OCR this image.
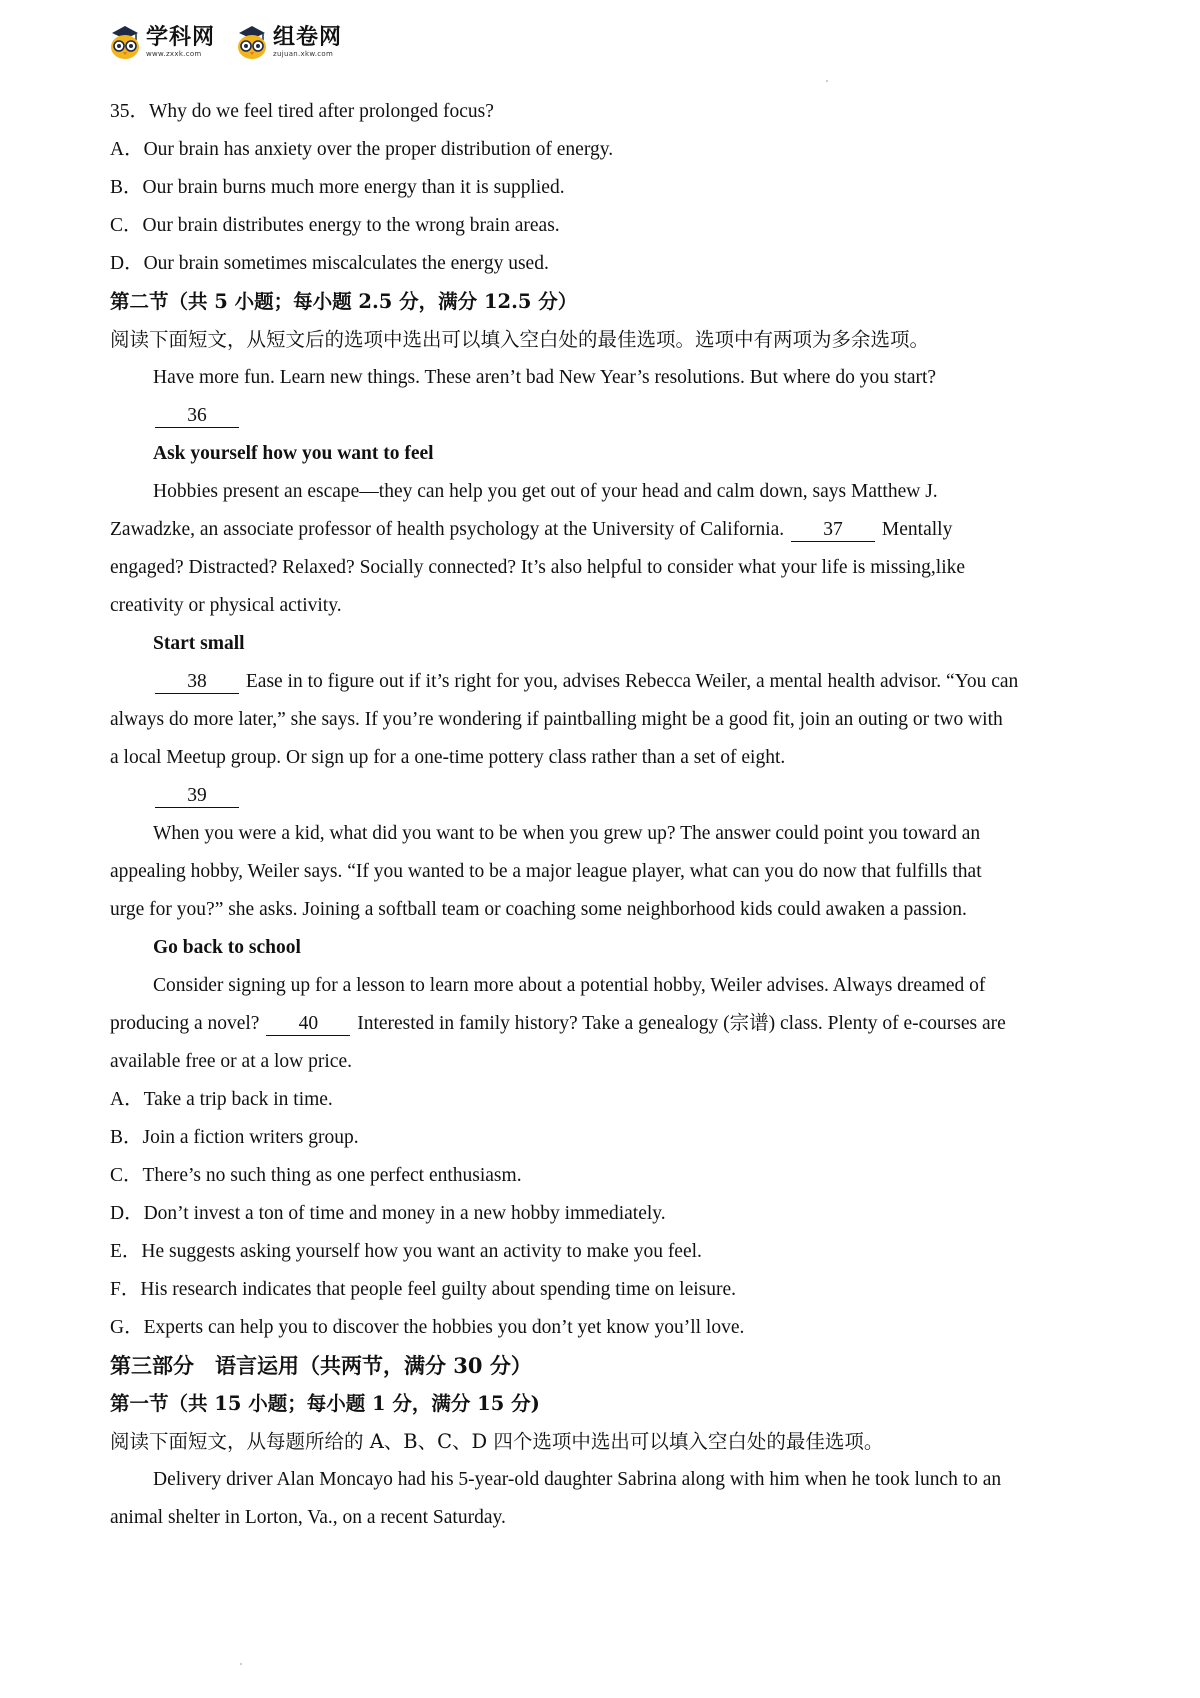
学科网
www.zxxk.com
组卷网
zujuan.xkw.com
35．Why do we feel tired after prolonged focus?
A．Our brain has anxiety over the proper distribution of energy.
B．Our brain burns much more energy than it is supplied.
C．Our brain distributes energy to the wrong brain areas.
D．Our brain sometimes miscalculates the energy used.
第二节（共 5 小题；每小题 2.5 分，满分 12.5 分）
阅读下面短文，从短文后的选项中选出可以填入空白处的最佳选项。选项中有两项为多余选项。
Have more fun. Learn new things. These aren’t bad New Year’s resolutions. But where do you start?
36
Ask yourself how you want to feel
Hobbies present an escape—they can help you get out of your head and calm down, says Matthew J.
Zawadzke, an associate professor of health psychology at the University of California. 37 Mentally
engaged? Distracted? Relaxed? Socially connected? It’s also helpful to consider what your life is missing,like
creativity or physical activity.
Start small
38 Ease in to figure out if it’s right for you, advises Rebecca Weiler, a mental health advisor. “You can
always do more later,” she says. If you’re wondering if paintballing might be a good fit, join an outing or two with
a local Meetup group. Or sign up for a one-time pottery class rather than a set of eight.
39
When you were a kid, what did you want to be when you grew up? The answer could point you toward an
appealing hobby, Weiler says. “If you wanted to be a major league player, what can you do now that fulfills that
urge for you?” she asks. Joining a softball team or coaching some neighborhood kids could awaken a passion.
Go back to school
Consider signing up for a lesson to learn more about a potential hobby, Weiler advises. Always dreamed of
producing a novel? 40 Interested in family history? Take a genealogy (宗谱) class. Plenty of e-courses are
available free or at a low price.
A．Take a trip back in time.
B．Join a fiction writers group.
C．There’s no such thing as one perfect enthusiasm.
D．Don’t invest a ton of time and money in a new hobby immediately.
E．He suggests asking yourself how you want an activity to make you feel.
F．His research indicates that people feel guilty about spending time on leisure.
G．Experts can help you to discover the hobbies you don’t yet know you’ll love.
第三部分　语言运用（共两节，满分 30 分）
第一节（共 15 小题；每小题 1 分，满分 15 分)
阅读下面短文，从每题所给的 A、B、C、D 四个选项中选出可以填入空白处的最佳选项。
Delivery driver Alan Moncayo had his 5-year-old daughter Sabrina along with him when he took lunch to an
animal shelter in Lorton, Va., on a recent Saturday.
